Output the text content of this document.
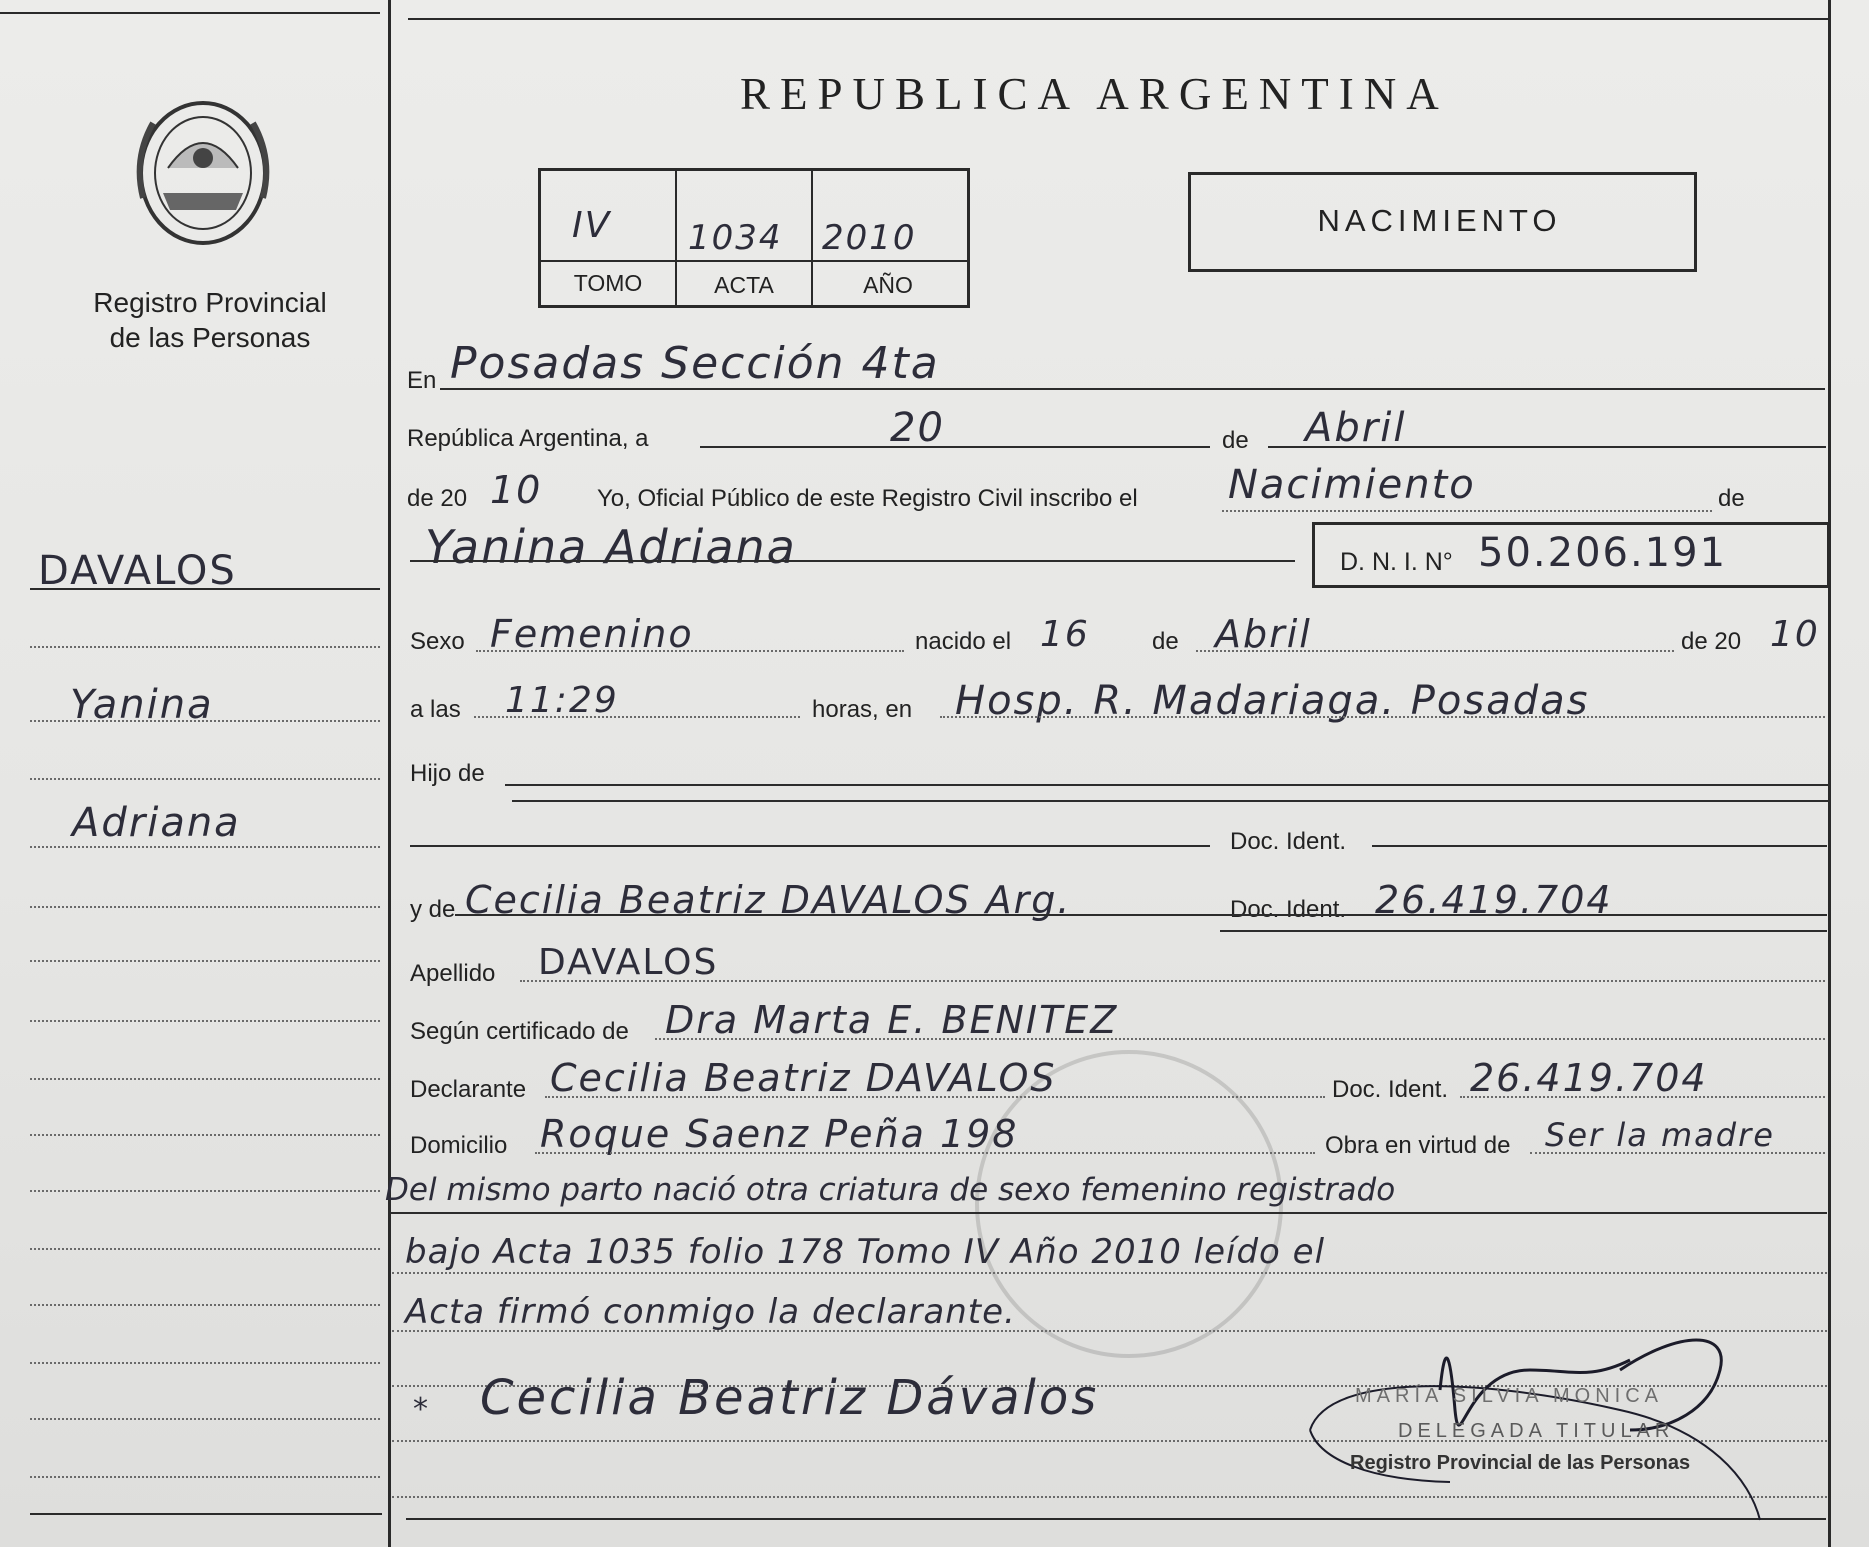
Registro Provincial
de las Personas
REPUBLICA ARGENTINA
IV 1034 2010
TOMO	ACTA	AÑO
NACIMIENTO
DAVALOS
Yanina
Adriana
En Posadas Sección 4ta
República Argentina, a	20	de Abril
de 20 10 Yo, Oficial Público de este Registro Civil inscribo el Nacimiento	de
Yanina Adriana	D. N. I. N° 50.206.191
Sexo Femenino	nacido el 16	de Abril	de 20 10
a las 11:29	horas, en Hosp. R. Madariaga. Posadas
Hijo de
Doc. Ident.
y de Cecilia Beatriz DAVALOS Arg.	Doc. Ident. 26.419.704
Apellido DAVALOS
Según certificado de Dra Marta E. BENITEZ
Declarante Cecilia Beatriz DAVALOS	Doc. Ident. 26.419.704
Domicilio Roque Saenz Peña 198	Obra en virtud de Ser la madre
Del mismo parto nació otra criatura de sexo femenino registrado
bajo Acta 1035 folio 178 Tomo IV Año 2010 leído el
Acta firmó conmigo la declarante.
* Cecilia Beatriz Dávalos	MARÍA SILVIA MONICA
DELEGADA TITULAR
Registro Provincial de las Personas
